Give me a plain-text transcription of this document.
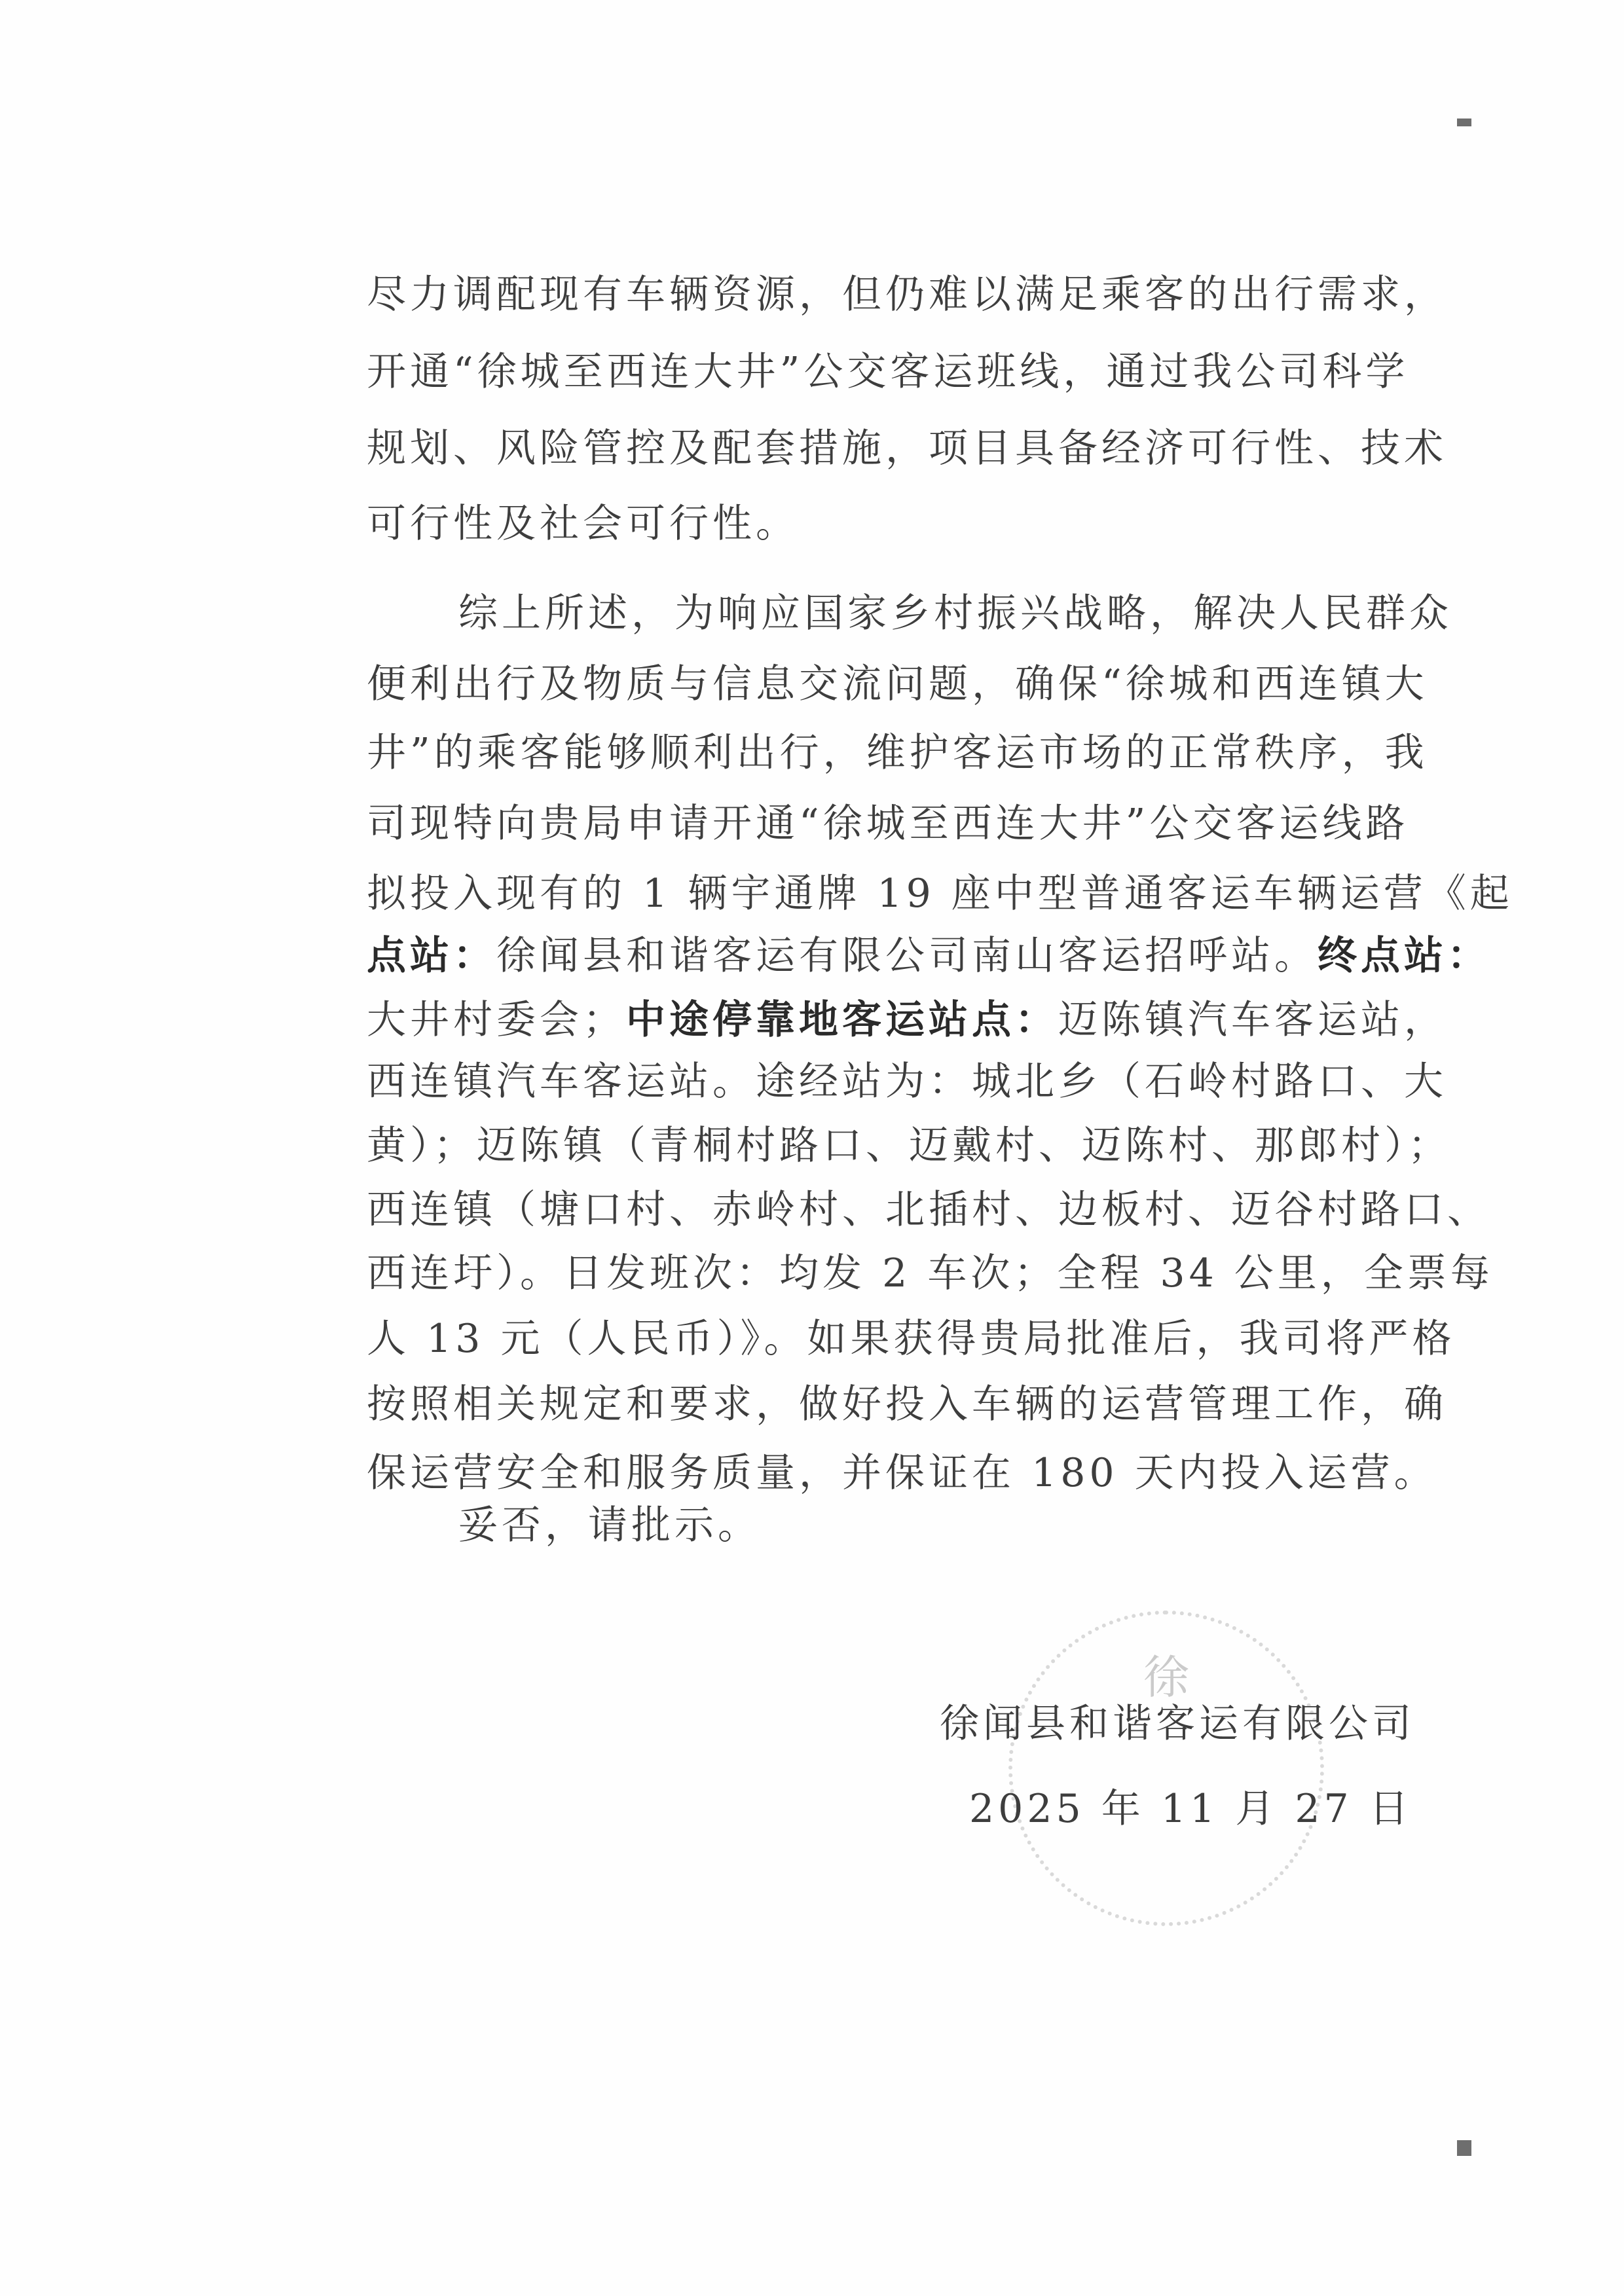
尽力调配现有车辆资源，但仍难以满足乘客的出行需求，
开通“徐城至西连大井”公交客运班线，通过我公司科学
规划、风险管控及配套措施，项目具备经济可行性、技术
可行性及社会可行性。
综上所述，为响应国家乡村振兴战略，解决人民群众
便利出行及物质与信息交流问题，确保“徐城和西连镇大
井”的乘客能够顺利出行，维护客运市场的正常秩序，我
司现特向贵局申请开通“徐城至西连大井”公交客运线路
拟投入现有的 1 辆宇通牌 19 座中型普通客运车辆运营《起
点站：徐闻县和谐客运有限公司南山客运招呼站。终点站：
大井村委会；中途停靠地客运站点：迈陈镇汽车客运站，
西连镇汽车客运站。途经站为：城北乡（石岭村路口、大
黄）；迈陈镇（青桐村路口、迈戴村、迈陈村、那郎村）；
西连镇（塘口村、赤岭村、北插村、边板村、迈谷村路口、
西连圩）。日发班次：均发 2 车次；全程 34 公里，全票每
人 13 元（人民币）》。如果获得贵局批准后，我司将严格
按照相关规定和要求，做好投入车辆的运营管理工作，确
保运营安全和服务质量，并保证在 180 天内投入运营。
妥否，请批示。
徐
徐闻县和谐客运有限公司
2025 年 11 月 27 日
